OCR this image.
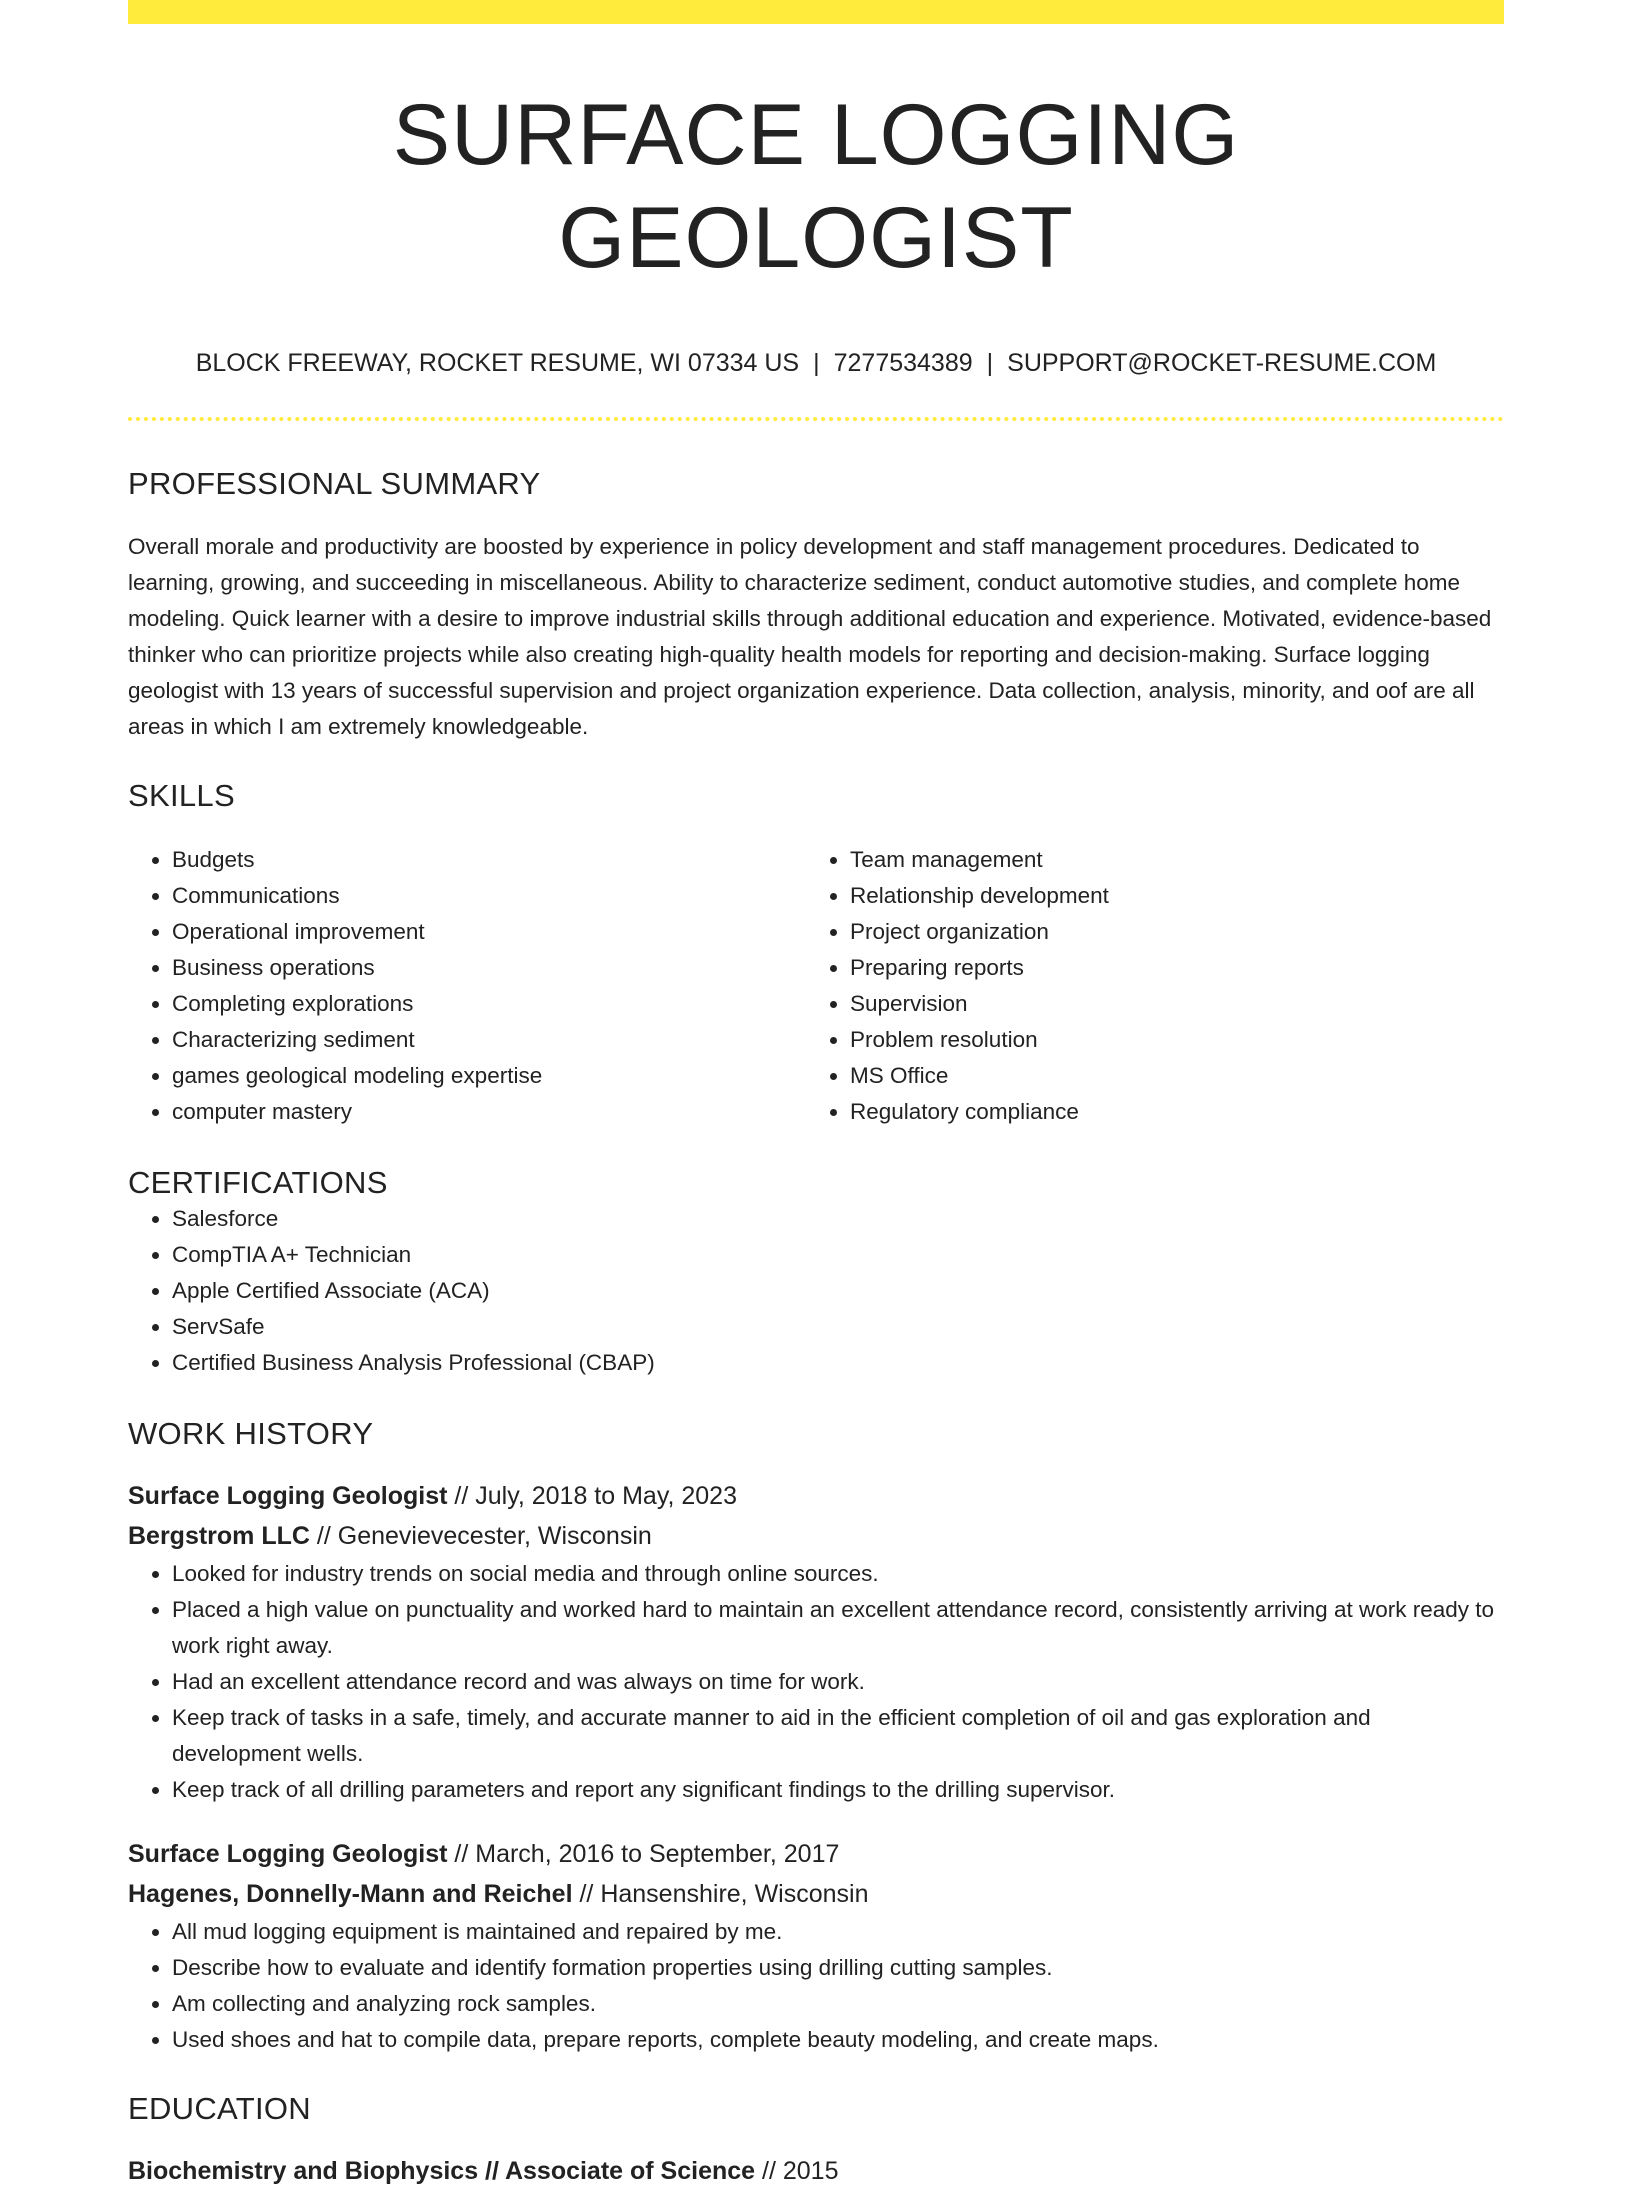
SURFACE LOGGING GEOLOGIST
BLOCK FREEWAY, ROCKET RESUME, WI 07334 US | 7277534389 | SUPPORT@ROCKET-RESUME.COM
PROFESSIONAL SUMMARY
Overall morale and productivity are boosted by experience in policy development and staff management procedures. Dedicated to learning, growing, and succeeding in miscellaneous. Ability to characterize sediment, conduct automotive studies, and complete home modeling. Quick learner with a desire to improve industrial skills through additional education and experience. Motivated, evidence-based thinker who can prioritize projects while also creating high-quality health models for reporting and decision-making. Surface logging geologist with 13 years of successful supervision and project organization experience. Data collection, analysis, minority, and oof are all areas in which I am extremely knowledgeable.
SKILLS
• Budgets
• Communications
• Operational improvement
• Business operations
• Completing explorations
• Characterizing sediment
• games geological modeling expertise
• computer mastery
• Team management
• Relationship development
• Project organization
• Preparing reports
• Supervision
• Problem resolution
• MS Office
• Regulatory compliance
CERTIFICATIONS
• Salesforce
• CompTIA A+ Technician
• Apple Certified Associate (ACA)
• ServSafe
• Certified Business Analysis Professional (CBAP)
WORK HISTORY
Surface Logging Geologist // July, 2018 to May, 2023
Bergstrom LLC // Genevievecester, Wisconsin
• Looked for industry trends on social media and through online sources.
• Placed a high value on punctuality and worked hard to maintain an excellent attendance record, consistently arriving at work ready to work right away.
• Had an excellent attendance record and was always on time for work.
• Keep track of tasks in a safe, timely, and accurate manner to aid in the efficient completion of oil and gas exploration and development wells.
• Keep track of all drilling parameters and report any significant findings to the drilling supervisor.
Surface Logging Geologist // March, 2016 to September, 2017
Hagenes, Donnelly-Mann and Reichel // Hansenshire, Wisconsin
• All mud logging equipment is maintained and repaired by me.
• Describe how to evaluate and identify formation properties using drilling cutting samples.
• Am collecting and analyzing rock samples.
• Used shoes and hat to compile data, prepare reports, complete beauty modeling, and create maps.
EDUCATION
Biochemistry and Biophysics // Associate of Science // 2015
